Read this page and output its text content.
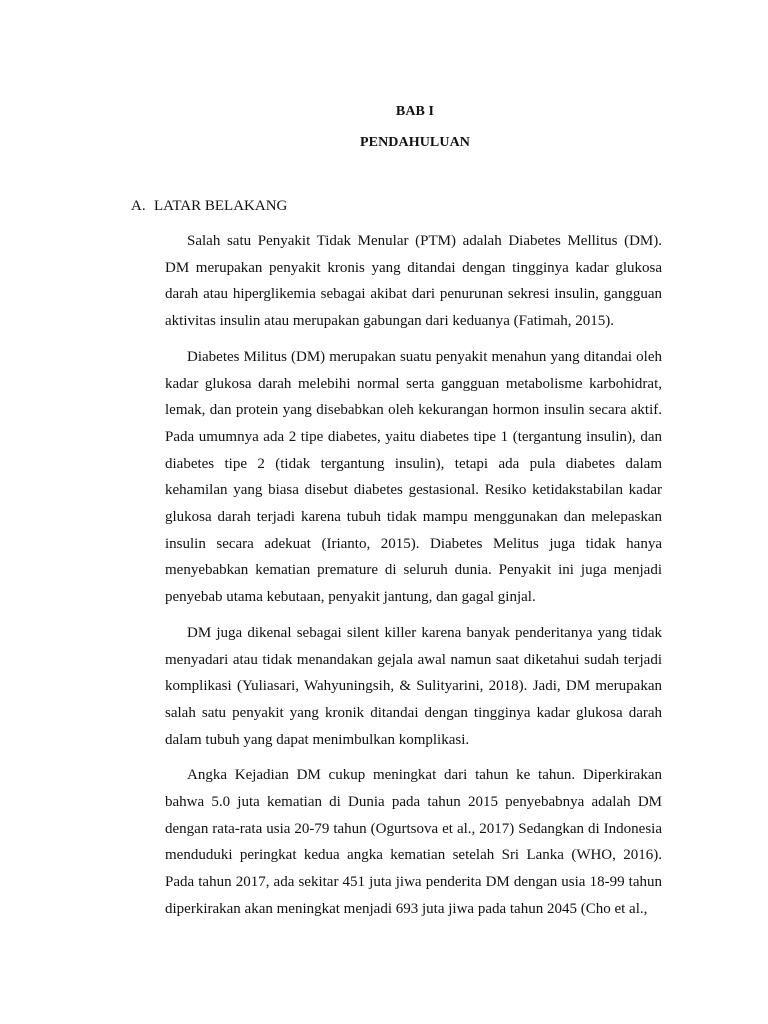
BAB I
PENDAHULUAN
A. LATAR BELAKANG

Salah satu Penyakit Tidak Menular (PTM) adalah Diabetes Mellitus (DM). DM merupakan penyakit kronis yang ditandai dengan tingginya kadar glukosa darah atau hiperglikemia sebagai akibat dari penurunan sekresi insulin, gangguan aktivitas insulin atau merupakan gabungan dari keduanya (Fatimah, 2015).

Diabetes Militus (DM) merupakan suatu penyakit menahun yang ditandai oleh kadar glukosa darah melebihi normal serta gangguan metabolisme karbohidrat, lemak, dan protein yang disebabkan oleh kekurangan hormon insulin secara aktif. Pada umumnya ada 2 tipe diabetes, yaitu diabetes tipe 1 (tergantung insulin), dan diabetes tipe 2 (tidak tergantung insulin), tetapi ada pula diabetes dalam kehamilan yang biasa disebut diabetes gestasional. Resiko ketidakstabilan kadar glukosa darah terjadi karena tubuh tidak mampu menggunakan dan melepaskan insulin secara adekuat (Irianto, 2015). Diabetes Melitus juga tidak hanya menyebabkan kematian premature di seluruh dunia. Penyakit ini juga menjadi penyebab utama kebutaan, penyakit jantung, dan gagal ginjal.

DM juga dikenal sebagai silent killer karena banyak penderitanya yang tidak menyadari atau tidak menandakan gejala awal namun saat diketahui sudah terjadi komplikasi (Yuliasari, Wahyuningsih, & Sulityarini, 2018). Jadi, DM merupakan salah satu penyakit yang kronik ditandai dengan tingginya kadar glukosa darah dalam tubuh yang dapat menimbulkan komplikasi.

Angka Kejadian DM cukup meningkat dari tahun ke tahun. Diperkirakan bahwa 5.0 juta kematian di Dunia pada tahun 2015 penyebabnya adalah DM dengan rata-rata usia 20-79 tahun (Ogurtsova et al., 2017) Sedangkan di Indonesia menduduki peringkat kedua angka kematian setelah Sri Lanka (WHO, 2016). Pada tahun 2017, ada sekitar 451 juta jiwa penderita DM dengan usia 18-99 tahun diperkirakan akan meningkat menjadi 693 juta jiwa pada tahun 2045 (Cho et al.,
